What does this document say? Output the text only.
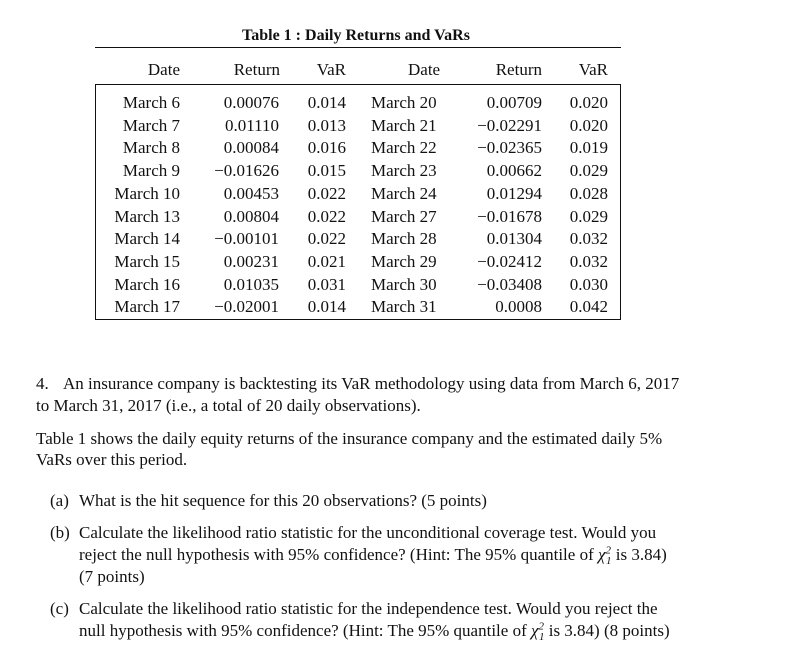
Table 1 : Daily Returns and VaRs
Date	Return VaR	Date	Return VaR
March 6	0.00076 0.014 March 20	0.00709 0.020
March 7	0.01110 0.013 March 21 −0.02291 0.020
March 8	0.00084 0.016 March 22 −0.02365 0.019
March 9 −0.01626 0.015 March 23	0.00662 0.029
March 10	0.00453 0.022 March 24	0.01294 0.028
March 13	0.00804 0.022 March 27 −0.01678 0.029
March 14 −0.00101 0.022 March 28	0.01304 0.032
March 15	0.00231 0.021 March 29 −0.02412 0.032
March 16	0.01035 0.031 March 30 −0.03408 0.030
March 17 −0.02001 0.014 March 31	0.0008 0.042
4. An insurance company is backtesting its VaR methodology using data from March 6, 2017
to March 31, 2017 (i.e., a total of 20 daily observations).
Table 1 shows the daily equity returns of the insurance company and the estimated daily 5%
VaRs over this period.
(a) What is the hit sequence for this 20 observations? (5 points)
(b) Calculate the likelihood ratio statistic for the unconditional coverage test. Would you
reject the null hypothesis with 95% confidence? (Hint: The 95% quantile of $\chi^2_1$ is 3.84)
(7 points)
(c) Calculate the likelihood ratio statistic for the independence test. Would you reject the
null hypothesis with 95% confidence? (Hint: The 95% quantile of $\chi^2_1$ is 3.84) (8 points)
